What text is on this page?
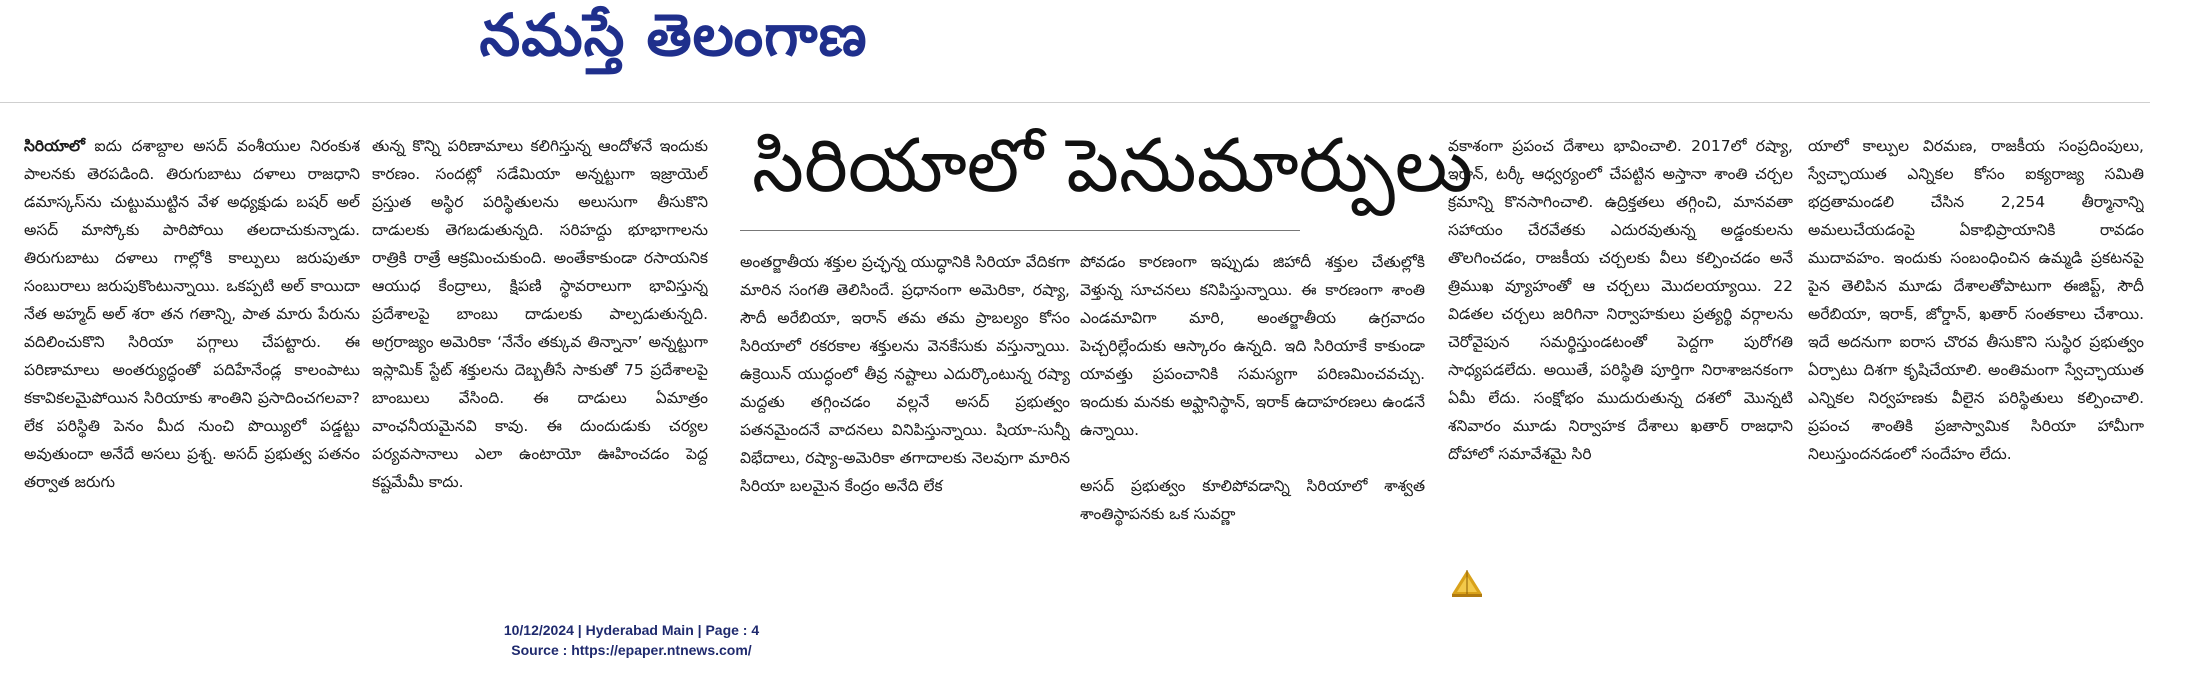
నమస్తే తెలంగాణ

సిరియాలో ఐదు దశాబ్దాల అసద్ వంశీయుల నిరంకుశ పాలనకు తెరపడింది. తిరుగుబాటు దళాలు రాజధాని డమాస్కస్‌ను చుట్టుముట్టిన వేళ అధ్యక్షుడు బషర్ అల్ అసద్ మాస్కోకు పారిపోయి తలదాచుకున్నాడు. తిరుగుబాటు దళాలు గాల్లోకి కాల్పులు జరుపుతూ సంబురాలు జరుపుకొంటున్నాయి. ఒకప్పటి అల్ కాయిదా నేత అహ్మద్ అల్ శరా తన గతాన్ని, పాత మారు పేరును వదిలించుకొని సిరియా పగ్గాలు చేపట్టారు. ఈ పరిణామాలు అంతర్యుద్ధంతో పదిహేనేండ్ల కాలంపాటు కకావికలమైపోయిన సిరియాకు శాంతిని ప్రసాదించగలవా? లేక పరిస్థితి పెనం మీద నుంచి పొయ్యిలో పడ్డట్టు అవుతుందా అనేదే అసలు ప్రశ్న. అసద్ ప్రభుత్వ పతనం తర్వాత జరుగు

తున్న కొన్ని పరిణామాలు కలిగిస్తున్న ఆందోళనే ఇందుకు కారణం. సందట్లో సడేమియా అన్నట్టుగా ఇజ్రాయెల్ ప్రస్తుత అస్థిర పరిస్థితులను అలుసుగా తీసుకొని దాడులకు తెగబడుతున్నది. సరిహద్దు భూభాగాలను రాత్రికి రాత్రే ఆక్రమించుకుంది. అంతేకాకుండా రసాయనిక ఆయుధ కేంద్రాలు, క్షిపణి స్థావరాలుగా భావిస్తున్న ప్రదేశాలపై బాంబు దాడులకు పాల్పడుతున్నది. అగ్రరాజ్యం అమెరికా ‘నేనేం తక్కువ తిన్నానా’ అన్నట్టుగా ఇస్లామిక్ స్టేట్ శక్తులను దెబ్బతీసే సాకుతో 75 ప్రదేశాలపై బాంబులు వేసింది. ఈ దాడులు ఏమాత్రం వాంఛనీయమైనవి కావు. ఈ దుందుడుకు చర్యల పర్యవసానాలు ఎలా ఉంటాయో ఊహించడం పెద్ద కష్టమేమీ కాదు.

సిరియాలో పెనుమార్పులు

అంతర్జాతీయ శక్తుల ప్రచ్ఛన్న యుద్ధానికి సిరియా వేదికగా మారిన సంగతి తెలిసిందే. ప్రధానంగా అమెరికా, రష్యా, సౌదీ అరేబియా, ఇరాన్ తమ తమ ప్రాబల్యం కోసం సిరియాలో రకరకాల శక్తులను వెనకేసుకు వస్తున్నాయి. ఉక్రెయిన్ యుద్ధంలో తీవ్ర నష్టాలు ఎదుర్కొంటున్న రష్యా మద్దతు తగ్గించడం వల్లనే అసద్ ప్రభుత్వం పతనమైందనే వాదనలు వినిపిస్తున్నాయి. షియా-సున్నీ విభేదాలు, రష్యా-అమెరికా తగాదాలకు నెలవుగా మారిన సిరియా బలమైన కేంద్రం అనేది లేక

పోవడం కారణంగా ఇప్పుడు జిహాదీ శక్తుల చేతుల్లోకి వెళ్తున్న సూచనలు కనిపిస్తున్నాయి. ఈ కారణంగా శాంతి ఎండమావిగా మారి, అంతర్జాతీయ ఉగ్రవాదం పెచ్చరిల్లేందుకు ఆస్కారం ఉన్నది. ఇది సిరియాకే కాకుండా యావత్తు ప్రపంచానికి సమస్యగా పరిణమించవచ్చు. ఇందుకు మనకు అఫ్ఘానిస్థాన్, ఇరాక్ ఉదాహరణలు ఉండనే ఉన్నాయి.

అసద్ ప్రభుత్వం కూలిపోవడాన్ని సిరియాలో శాశ్వత శాంతిస్థాపనకు ఒక సువర్ణా

వకాశంగా ప్రపంచ దేశాలు భావించాలి. 2017లో రష్యా, ఇరాన్, టర్కీ ఆధ్వర్యంలో చేపట్టిన అస్తానా శాంతి చర్చల క్రమాన్ని కొనసాగించాలి. ఉద్రిక్తతలు తగ్గించి, మానవతా సహాయం చేరవేతకు ఎదురవుతున్న అడ్డంకులను తొలగించడం, రాజకీయ చర్చలకు వీలు కల్పించడం అనే త్రిముఖ వ్యూహంతో ఆ చర్చలు మొదలయ్యాయి. 22 విడతల చర్చలు జరిగినా నిర్వాహకులు ప్రత్యర్థి వర్గాలను చెరోవైపున సమర్థిస్తుండటంతో పెద్దగా పురోగతి సాధ్యపడలేదు. అయితే, పరిస్థితి పూర్తిగా నిరాశాజనకంగా ఏమీ లేదు. సంక్షోభం ముదురుతున్న దశలో మొన్నటి శనివారం మూడు నిర్వాహక దేశాలు ఖతార్ రాజధాని దోహాలో సమావేశమై సిరి

యాలో కాల్పుల విరమణ, రాజకీయ సంప్రదింపులు, స్వేచ్ఛాయుత ఎన్నికల కోసం ఐక్యరాజ్య సమితి భద్రతామండలి చేసిన 2,254 తీర్మానాన్ని అమలుచేయడంపై ఏకాభిప్రాయానికి రావడం ముదావహం. ఇందుకు సంబంధించిన ఉమ్మడి ప్రకటనపై పైన తెలిపిన మూడు దేశాలతోపాటుగా ఈజిప్ట్, సౌదీ అరేబియా, ఇరాక్, జోర్డాన్, ఖతార్ సంతకాలు చేశాయి. ఇదే అదనుగా ఐరాస చొరవ తీసుకొని సుస్థిర ప్రభుత్వం ఏర్పాటు దిశగా కృషిచేయాలి. అంతిమంగా స్వేచ్ఛాయుత ఎన్నికల నిర్వహణకు వీలైన పరిస్థితులు కల్పించాలి. ప్రపంచ శాంతికి ప్రజాస్వామిక సిరియా హామీగా నిలుస్తుందనడంలో సందేహం లేదు.

10/12/2024 | Hyderabad Main | Page : 4
Source : https://epaper.ntnews.com/
